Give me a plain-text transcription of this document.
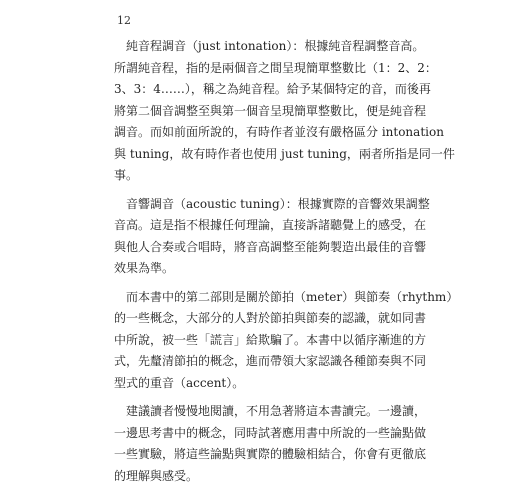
12
　純音程調音（just intonation）：根據純音程調整音高。
所謂純音程，指的是兩個音之間呈現簡單整數比（1：2、2：
3、3：4……），稱之為純音程。給予某個特定的音，而後再
將第二個音調整至與第一個音呈現簡單整數比，便是純音程
調音。而如前面所說的，有時作者並沒有嚴格區分 intonation
與 tuning，故有時作者也使用 just tuning，兩者所指是同一件
事。
　音響調音（acoustic tuning）：根據實際的音響效果調整
音高。這是指不根據任何理論，直接訴諸聽覺上的感受，在
與他人合奏或合唱時，將音高調整至能夠製造出最佳的音響
效果為準。
　而本書中的第二部則是關於節拍（meter）與節奏（rhythm）
的一些概念，大部分的人對於節拍與節奏的認識，就如同書
中所說，被一些「謊言」給欺騙了。本書中以循序漸進的方
式，先釐清節拍的概念，進而帶領大家認識各種節奏與不同
型式的重音（accent）。
　建議讀者慢慢地閱讀，不用急著將這本書讀完。一邊讀，
一邊思考書中的概念，同時試著應用書中所說的一些論點做
一些實驗，將這些論點與實際的體驗相結合，你會有更徹底
的理解與感受。
